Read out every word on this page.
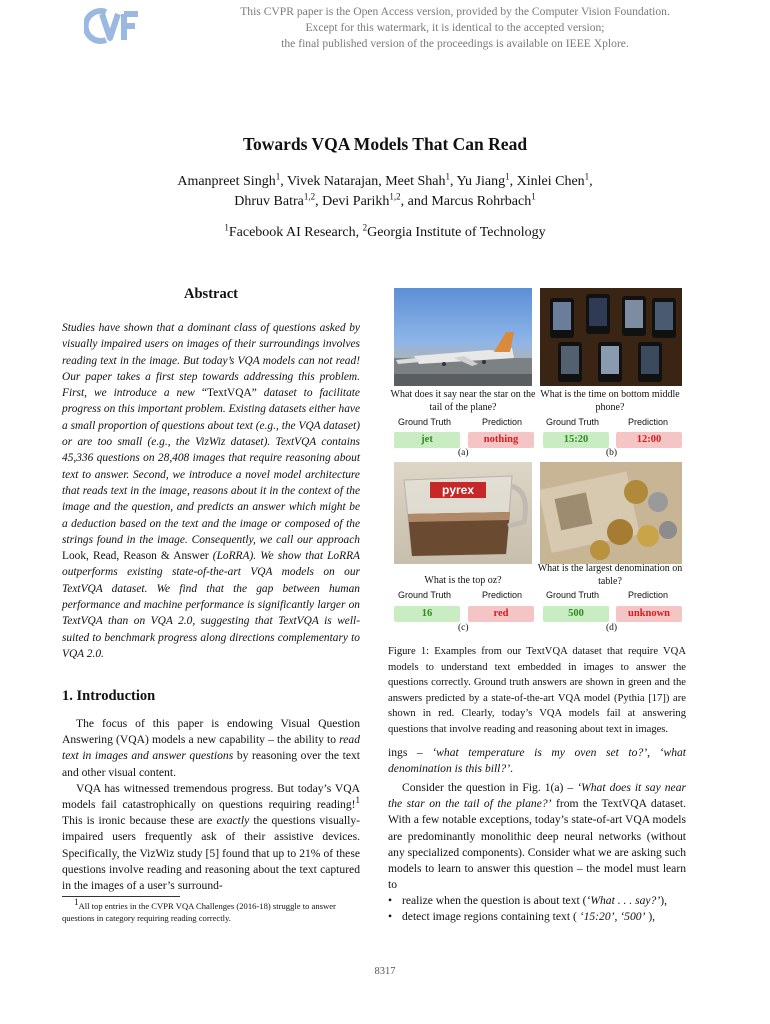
This CVPR paper is the Open Access version, provided by the Computer Vision Foundation.
Except for this watermark, it is identical to the accepted version;
the final published version of the proceedings is available on IEEE Xplore.
Towards VQA Models That Can Read
Amanpreet Singh$^1$, Vivek Natarajan, Meet Shah$^1$, Yu Jiang$^1$, Xinlei Chen$^1$,
Dhruv Batra$^{1,2}$, Devi Parikh$^{1,2}$, and Marcus Rohrbach$^1$
$^1$Facebook AI Research, $^2$Georgia Institute of Technology
Abstract
Studies have shown that a dominant class of questions asked by visually impaired users on images of their surroundings involves reading text in the image. But today’s VQA models can not read! Our paper takes a first step towards addressing this problem. First, we introduce a new “TextVQA” dataset to facilitate progress on this important problem. Existing datasets either have a small proportion of questions about text (e.g., the VQA dataset) or are too small (e.g., the VizWiz dataset). TextVQA contains 45,336 questions on 28,408 images that require reasoning about text to answer. Second, we introduce a novel model architecture that reads text in the image, reasons about it in the context of the image and the question, and predicts an answer which might be a deduction based on the text and the image or composed of the strings found in the image. Consequently, we call our approach Look, Read, Reason & Answer (LoRRA). We show that LoRRA outperforms existing state-of-the-art VQA models on our TextVQA dataset. We find that the gap between human performance and machine performance is significantly larger on TextVQA than on VQA 2.0, suggesting that TextVQA is well-suited to benchmark progress along directions complementary to VQA 2.0.
1. Introduction

The focus of this paper is endowing Visual Question Answering (VQA) models a new capability – the ability to read text in images and answer questions by reasoning over the text and other visual content.

VQA has witnessed tremendous progress. But today’s VQA models fail catastrophically on questions requiring reading!$^1$ This is ironic because these are exactly the questions visually-impaired users frequently ask of their assistive devices. Specifically, the VizWiz study [5] found that up to 21% of these questions involve reading and reasoning about the text captured in the images of a user’s surround-

$^1$All top entries in the CVPR VQA Challenges (2016-18) struggle to answer questions in category requiring reading correctly.
What does it say near the star on the tail of the plane?
What is the time on bottom middle phone?
Ground Truth	Prediction	Ground Truth	Prediction
jet	nothing	15:20	12:00
(a)	(b)
pyrex
What is the top oz?
What is the largest denomination on table?
Ground Truth	Prediction	Ground Truth	Prediction
16	red	500	unknown
(c)	(d)
Figure 1: Examples from our TextVQA dataset that require VQA models to understand text embedded in images to answer the questions correctly. Ground truth answers are shown in green and the answers predicted by a state-of-the-art VQA model (Pythia [17]) are shown in red. Clearly, today’s VQA models fail at answering questions that involve reading and reasoning about text in images.
ings – ‘what temperature is my oven set to?’, ‘what denomination is this bill?’.
Consider the question in Fig. 1(a) – ‘What does it say near the star on the tail of the plane?’ from the TextVQA dataset. With a few notable exceptions, today’s state-of-art VQA models are predominantly monolithic deep neural networks (without any specialized components). Consider what we are asking such models to learn to answer this question – the model must learn to
• realize when the question is about text (‘What . . . say?’),
• detect image regions containing text ( ‘15:20’, ‘500’ ),
8317
